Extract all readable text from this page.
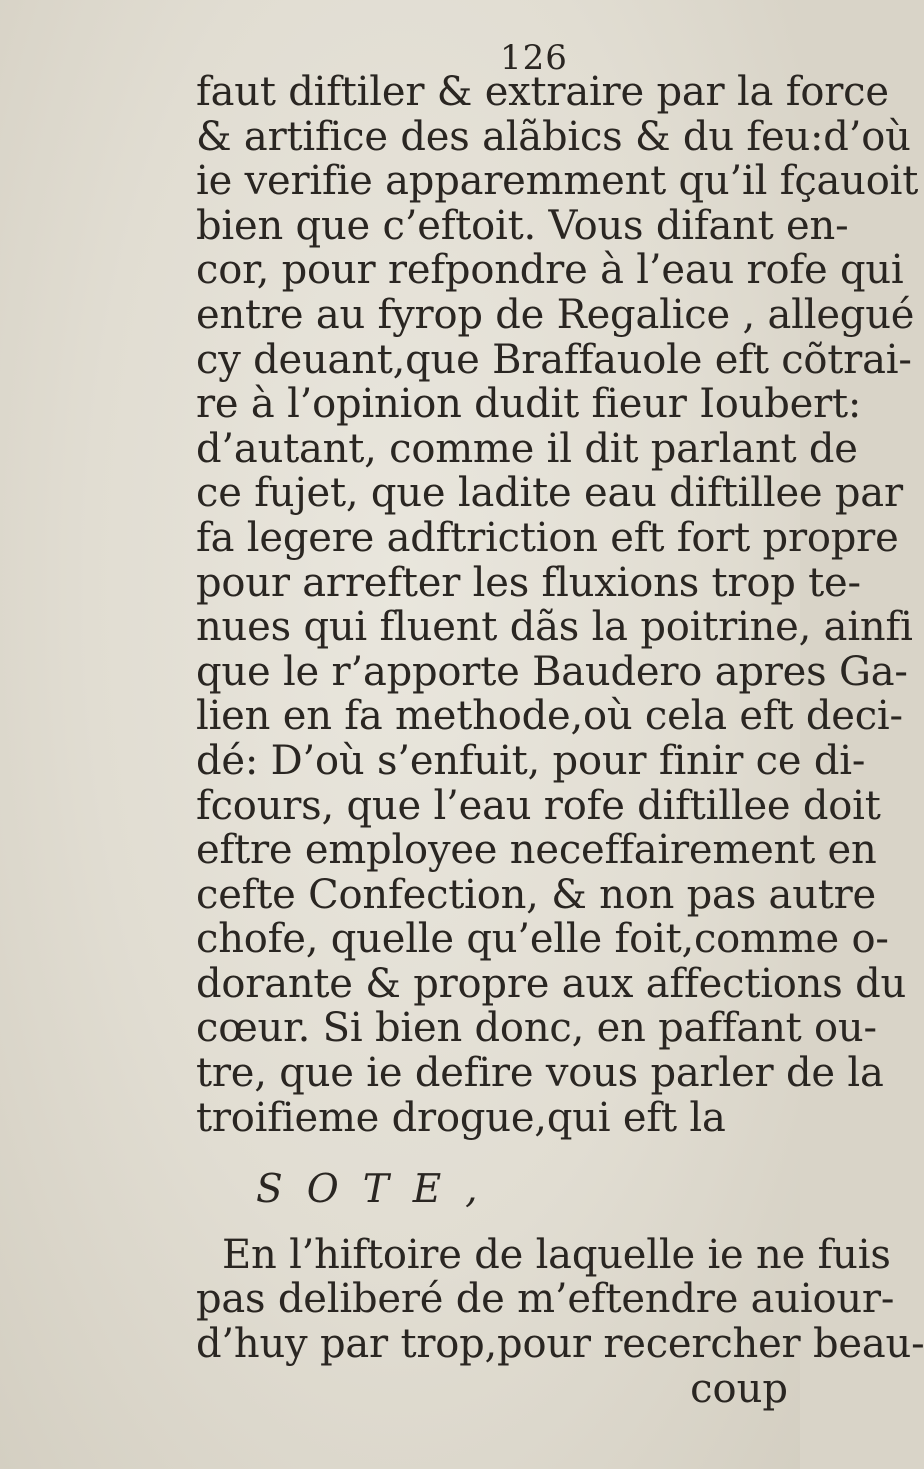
126
faut diftiler & extraire par la force
& artifice des alãbics & du feu:d’où
ie verifie apparemment qu’il fçauoit
bien que c’eftoit. Vous difant en-
cor, pour refpondre à l’eau rofe qui
entre au fyrop de Regalice , allegué
cy deuant,que Braffauole eft cõtrai-
re à l’opinion dudit fieur Ioubert:
d’autant, comme il dit parlant de
ce fujet, que ladite eau diftillee par
fa legere adftriction eft fort propre
pour arrefter les fluxions trop te-
nues qui fluent dãs la poitrine, ainfi
que le r’apporte Baudero apres Ga-
lien en fa methode,où cela eft deci-
dé: D’où s’enfuit, pour finir ce di-
fcours, que l’eau rofe diftillee doit
eftre employee neceffairement en
cefte Confection, & non pas autre
chofe, quelle qu’elle foit,comme o-
dorante & propre aux affections du
cœur. Si bien donc, en paffant ou-
tre, que ie defire vous parler de la
troifieme drogue,qui eft la
SOTE,
En l’hiftoire de laquelle ie ne fuis
pas deliberé de m’eftendre auiour-
d’huy par trop,pour recercher beau-
coup
